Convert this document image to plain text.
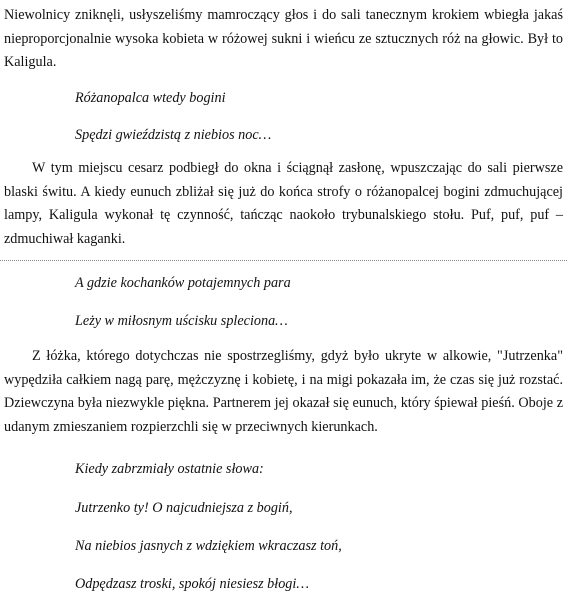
Niewolnicy zniknęli, usłyszeliśmy mamroczący głos i do sali tanecznym krokiem wbiegła jakaś nieproporcjonalnie wysoka kobieta w różowej sukni i wieńcu ze sztucznych róż na głowic. Był to Kaligula.

Różanopalca wtedy bogini

Spędzi gwieździstą z niebios noc…

W tym miejscu cesarz podbiegł do okna i ściągnął zasłonę, wpuszczając do sali pierwsze blaski świtu. A kiedy eunuch zbliżał się już do końca strofy o różanopalcej bogini zdmuchującej lampy, Kaligula wykonał tę czynność, tańcząc naokoło trybunalskiego stołu. Puf, puf, puf – zdmuchiwał kaganki.

A gdzie kochanków potajemnych para

Leży w miłosnym uścisku spleciona…

Z łóżka, którego dotychczas nie spostrzegliśmy, gdyż było ukryte w alkowie, "Jutrzenka" wypędziła całkiem nagą parę, mężczyznę i kobietę, i na migi pokazała im, że czas się już rozstać. Dziewczyna była niezwykle piękna. Partnerem jej okazał się eunuch, który śpiewał pieśń. Oboje z udanym zmieszaniem rozpierzchli się w przeciwnych kierunkach.

Kiedy zabrzmiały ostatnie słowa:

Jutrzenko ty! O najcudniejsza z bogiń,

Na niebios jasnych z wdziękiem wkraczasz toń,

Odpędzasz troski, spokój niesiesz błogi…
